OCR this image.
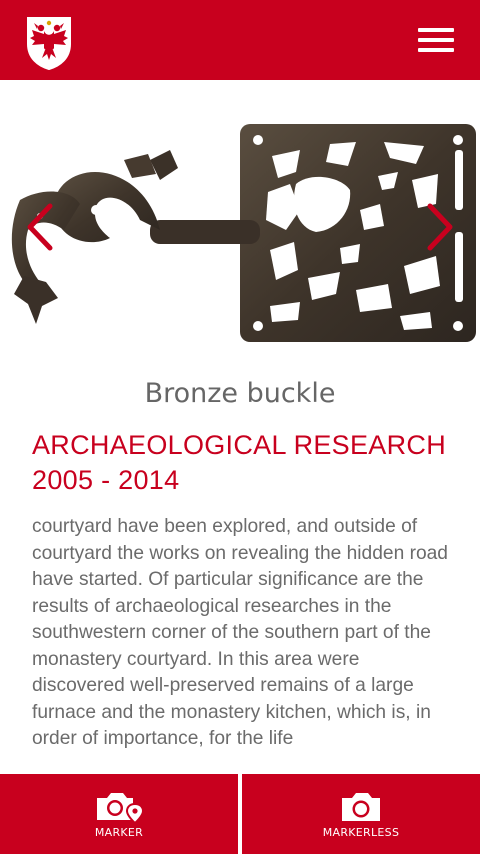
Bronze buckle
ARCHAEOLOGICAL RESEARCH 2005 - 2014
courtyard have been explored, and outside of courtyard the works on revealing the hidden road have started. Of particular significance are the results of archaeological researches in the southwestern corner of the southern part of the monastery courtyard. In this area were discovered well-preserved remains of a large furnace and the monastery kitchen, which is, in order of importance, for the life
MARKER	MARKERLESS
